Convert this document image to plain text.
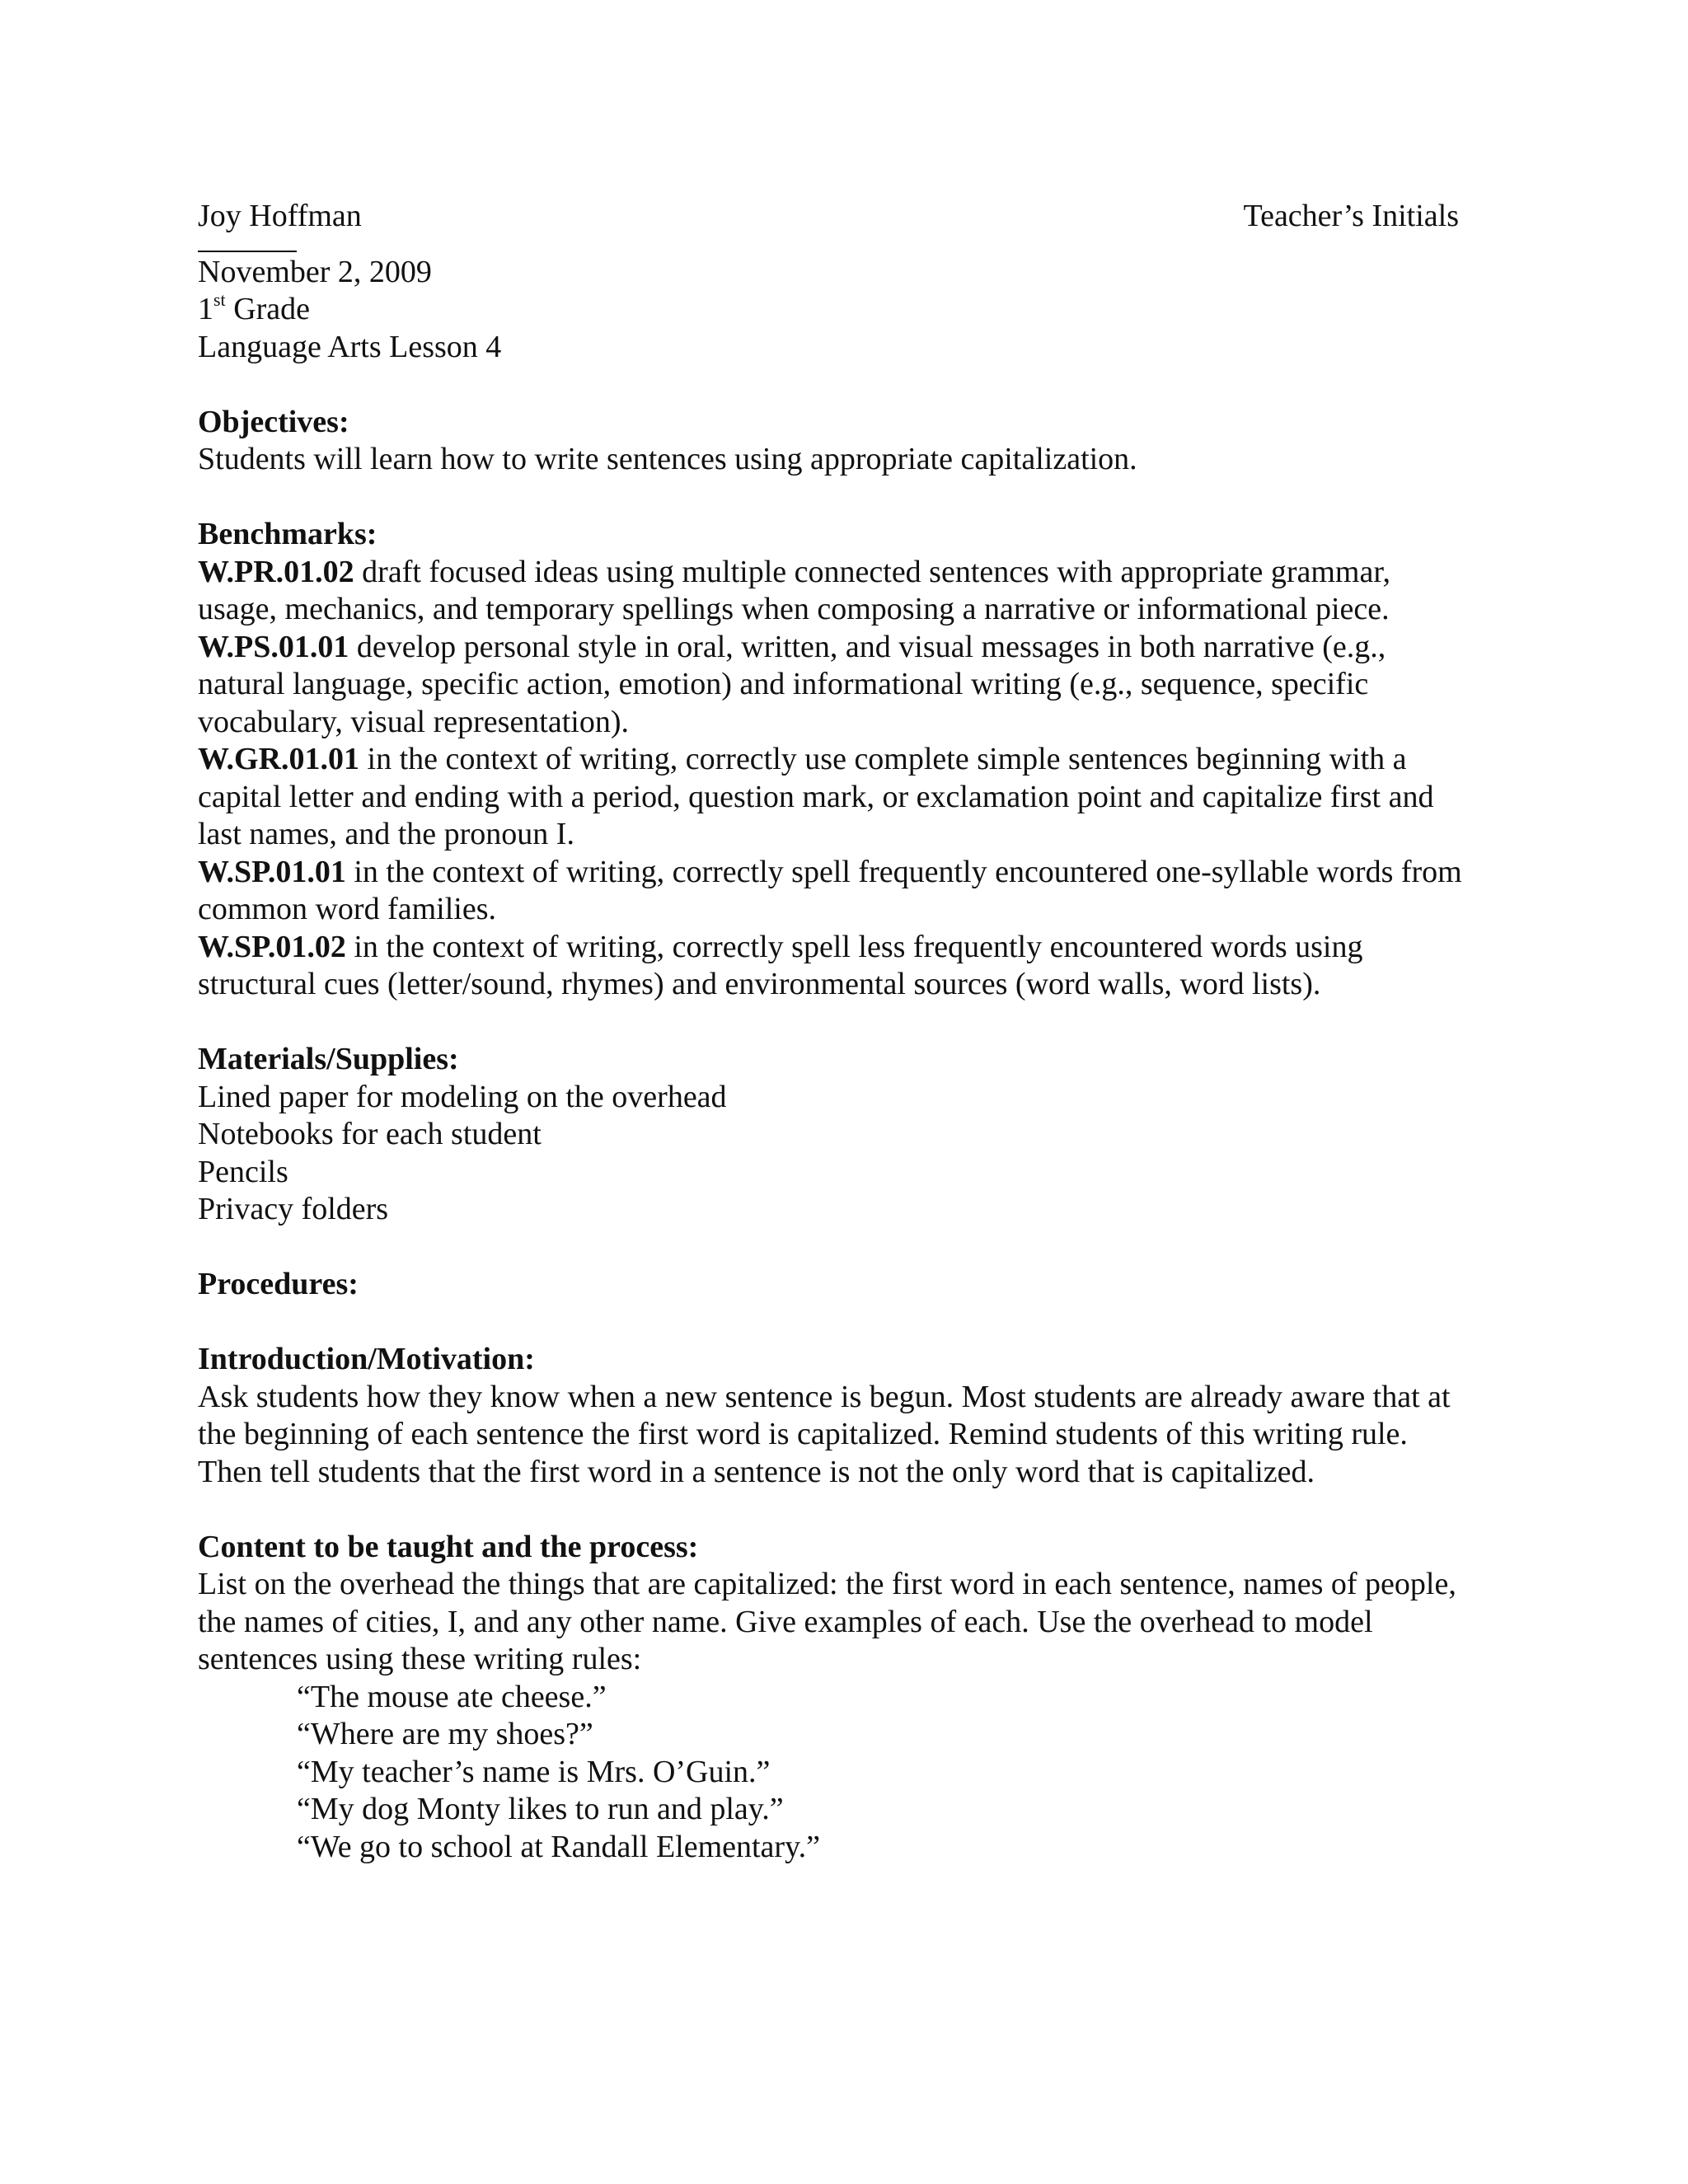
Joy Hoffman	Teacher’s Initials
November 2, 2009
1st Grade
Language Arts Lesson 4
Objectives:
Students will learn how to write sentences using appropriate capitalization.
Benchmarks:
W.PR.01.02 draft focused ideas using multiple connected sentences with appropriate grammar, usage, mechanics, and temporary spellings when composing a narrative or informational piece.
W.PS.01.01 develop personal style in oral, written, and visual messages in both narrative (e.g., natural language, specific action, emotion) and informational writing (e.g., sequence, specific vocabulary, visual representation).
W.GR.01.01 in the context of writing, correctly use complete simple sentences beginning with a capital letter and ending with a period, question mark, or exclamation point and capitalize first and last names, and the pronoun I.
W.SP.01.01 in the context of writing, correctly spell frequently encountered one-syllable words from common word families.
W.SP.01.02 in the context of writing, correctly spell less frequently encountered words using structural cues (letter/sound, rhymes) and environmental sources (word walls, word lists).
Materials/Supplies:
Lined paper for modeling on the overhead
Notebooks for each student
Pencils
Privacy folders
Procedures:
Introduction/Motivation:
Ask students how they know when a new sentence is begun. Most students are already aware that at the beginning of each sentence the first word is capitalized. Remind students of this writing rule. Then tell students that the first word in a sentence is not the only word that is capitalized.
Content to be taught and the process:
List on the overhead the things that are capitalized: the first word in each sentence, names of people, the names of cities, I, and any other name. Give examples of each. Use the overhead to model sentences using these writing rules:
“The mouse ate cheese.”
“Where are my shoes?”
“My teacher’s name is Mrs. O’Guin.”
“My dog Monty likes to run and play.”
“We go to school at Randall Elementary.”
